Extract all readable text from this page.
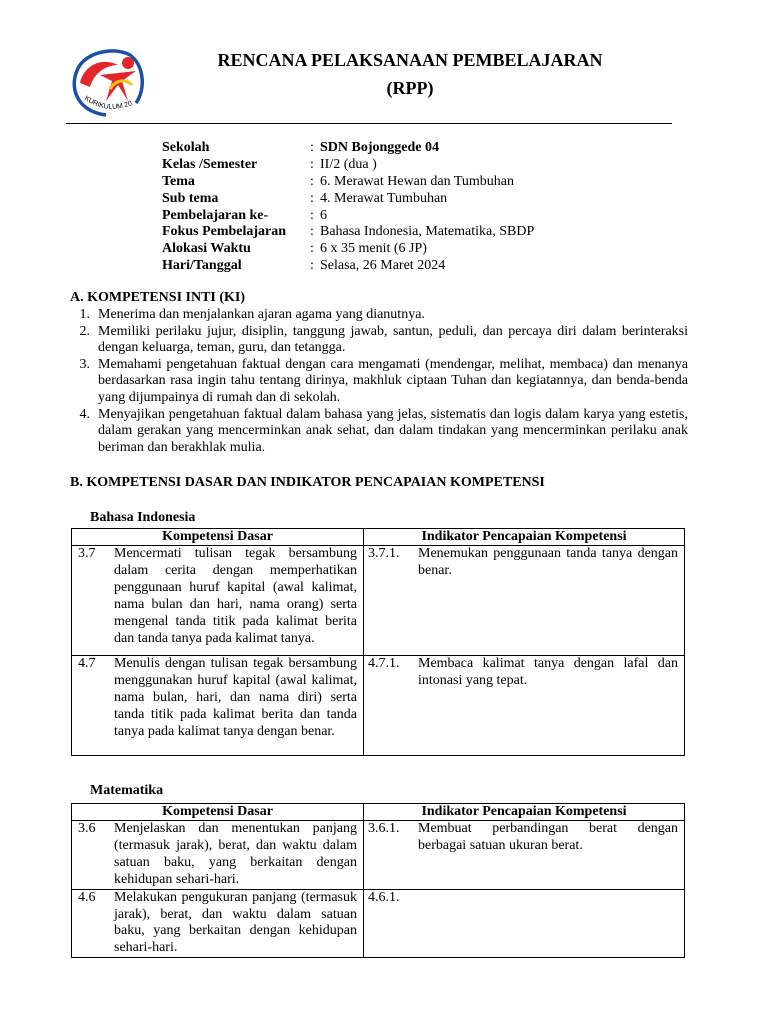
KURIKULUM 20
RENCANA PELAKSANAAN PEMBELAJARAN
(RPP)
Sekolah	: SDN Bojonggede 04
Kelas /Semester	: II/2 (dua )
Tema	: 6. Merawat Hewan dan Tumbuhan
Sub tema	: 4. Merawat Tumbuhan
Pembelajaran ke-	: 6
Fokus Pembelajaran	: Bahasa Indonesia, Matematika, SBDP
Alokasi Waktu	: 6 x 35 menit (6 JP)
Hari/Tanggal	: Selasa, 26 Maret 2024
A. KOMPETENSI INTI (KI)
1. Menerima dan menjalankan ajaran agama yang dianutnya.
2. Memiliki perilaku jujur, disiplin, tanggung jawab, santun, peduli, dan percaya diri dalam berinteraksi dengan keluarga, teman, guru, dan tetangga.
3. Memahami pengetahuan faktual dengan cara mengamati (mendengar, melihat, membaca) dan menanya berdasarkan rasa ingin tahu tentang dirinya, makhluk ciptaan Tuhan dan kegiatannya, dan benda-benda yang dijumpainya di rumah dan di sekolah.
4. Menyajikan pengetahuan faktual dalam bahasa yang jelas, sistematis dan logis dalam karya yang estetis, dalam gerakan yang mencerminkan anak sehat, dan dalam tindakan yang mencerminkan perilaku anak beriman dan berakhlak mulia.
B. KOMPETENSI DASAR DAN INDIKATOR PENCAPAIAN KOMPETENSI
Bahasa Indonesia
Kompetensi Dasar	Indikator Pencapaian Kompetensi

3.7 Mencermati tulisan tegak bersambung dalam cerita dengan memperhatikan penggunaan huruf kapital (awal kalimat, nama bulan dan hari, nama orang) serta mengenal tanda titik pada kalimat berita dan tanda tanya pada kalimat tanya.	3.7.1. Menemukan penggunaan tanda tanya dengan benar.

4.7 Menulis dengan tulisan tegak bersambung menggunakan huruf kapital (awal kalimat, nama bulan, hari, dan nama diri) serta tanda titik pada kalimat berita dan tanda tanya pada kalimat tanya dengan benar.	4.7.1. Membaca kalimat tanya dengan lafal dan intonasi yang tepat.
Matematika
Kompetensi Dasar	Indikator Pencapaian Kompetensi

3.6 Menjelaskan dan menentukan panjang (termasuk jarak), berat, dan waktu dalam satuan baku, yang berkaitan dengan kehidupan sehari-hari.	3.6.1. Membuat perbandingan berat dengan berbagai satuan ukuran berat.

4.6 Melakukan pengukuran panjang (termasuk jarak), berat, dan waktu dalam satuan baku, yang berkaitan dengan kehidupan sehari-hari.	4.6.1.
